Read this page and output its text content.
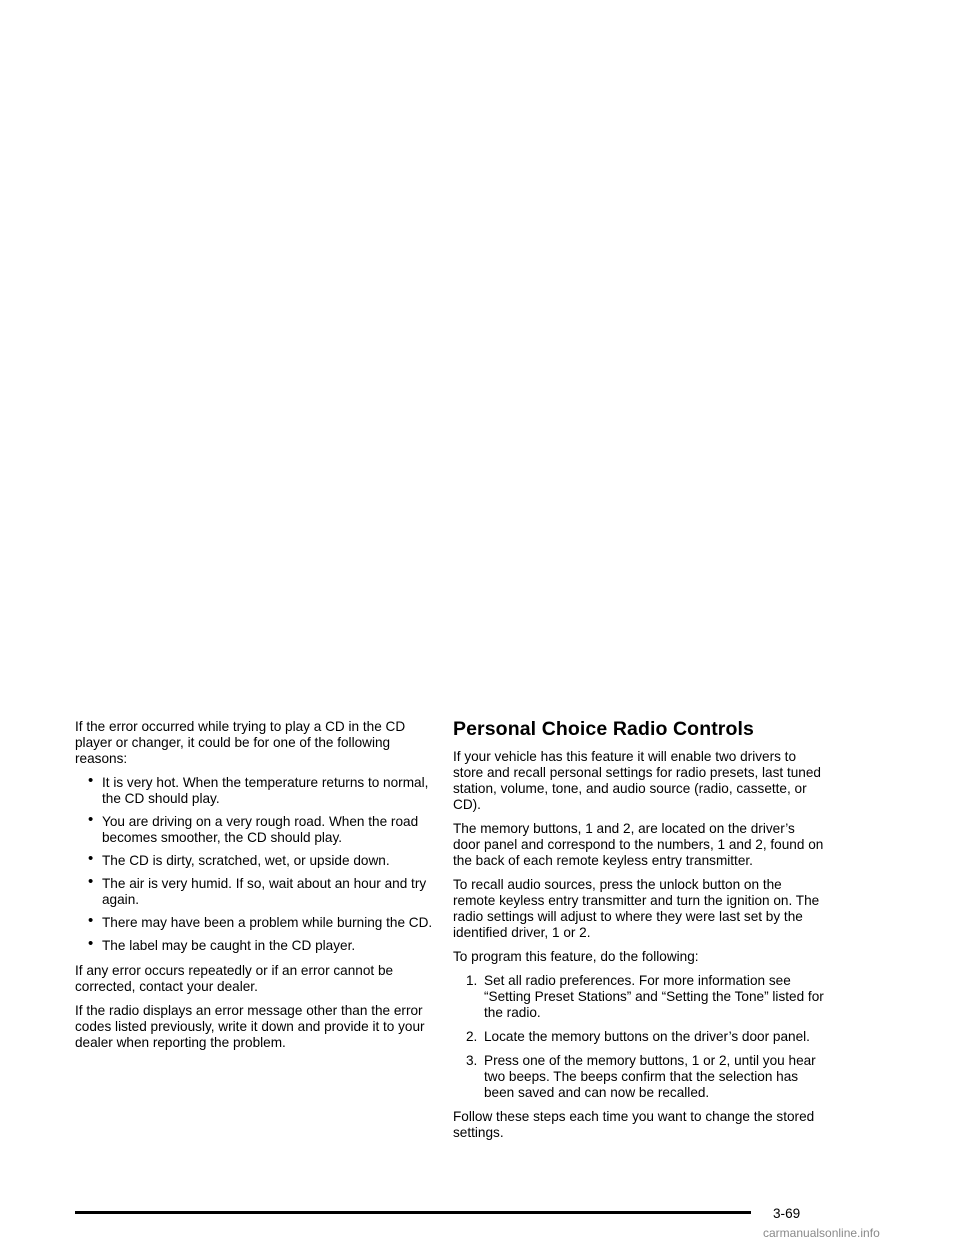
If the error occurred while trying to play a CD in the CD player or changer, it could be for one of the following reasons:

• It is very hot. When the temperature returns to normal, the CD should play.
• You are driving on a very rough road. When the road becomes smoother, the CD should play.
• The CD is dirty, scratched, wet, or upside down.
• The air is very humid. If so, wait about an hour and try again.
• There may have been a problem while burning the CD.
• The label may be caught in the CD player.

If any error occurs repeatedly or if an error cannot be corrected, contact your dealer.

If the radio displays an error message other than the error codes listed previously, write it down and provide it to your dealer when reporting the problem.

Personal Choice Radio Controls

If your vehicle has this feature it will enable two drivers to store and recall personal settings for radio presets, last tuned station, volume, tone, and audio source (radio, cassette, or CD).

The memory buttons, 1 and 2, are located on the driver’s door panel and correspond to the numbers, 1 and 2, found on the back of each remote keyless entry transmitter.

To recall audio sources, press the unlock button on the remote keyless entry transmitter and turn the ignition on. The radio settings will adjust to where they were last set by the identified driver, 1 or 2.

To program this feature, do the following:

1. Set all radio preferences. For more information see “Setting Preset Stations” and “Setting the Tone” listed for the radio.
2. Locate the memory buttons on the driver’s door panel.
3. Press one of the memory buttons, 1 or 2, until you hear two beeps. The beeps confirm that the selection has been saved and can now be recalled.

Follow these steps each time you want to change the stored settings.

3-69
carmanualsonline.info
